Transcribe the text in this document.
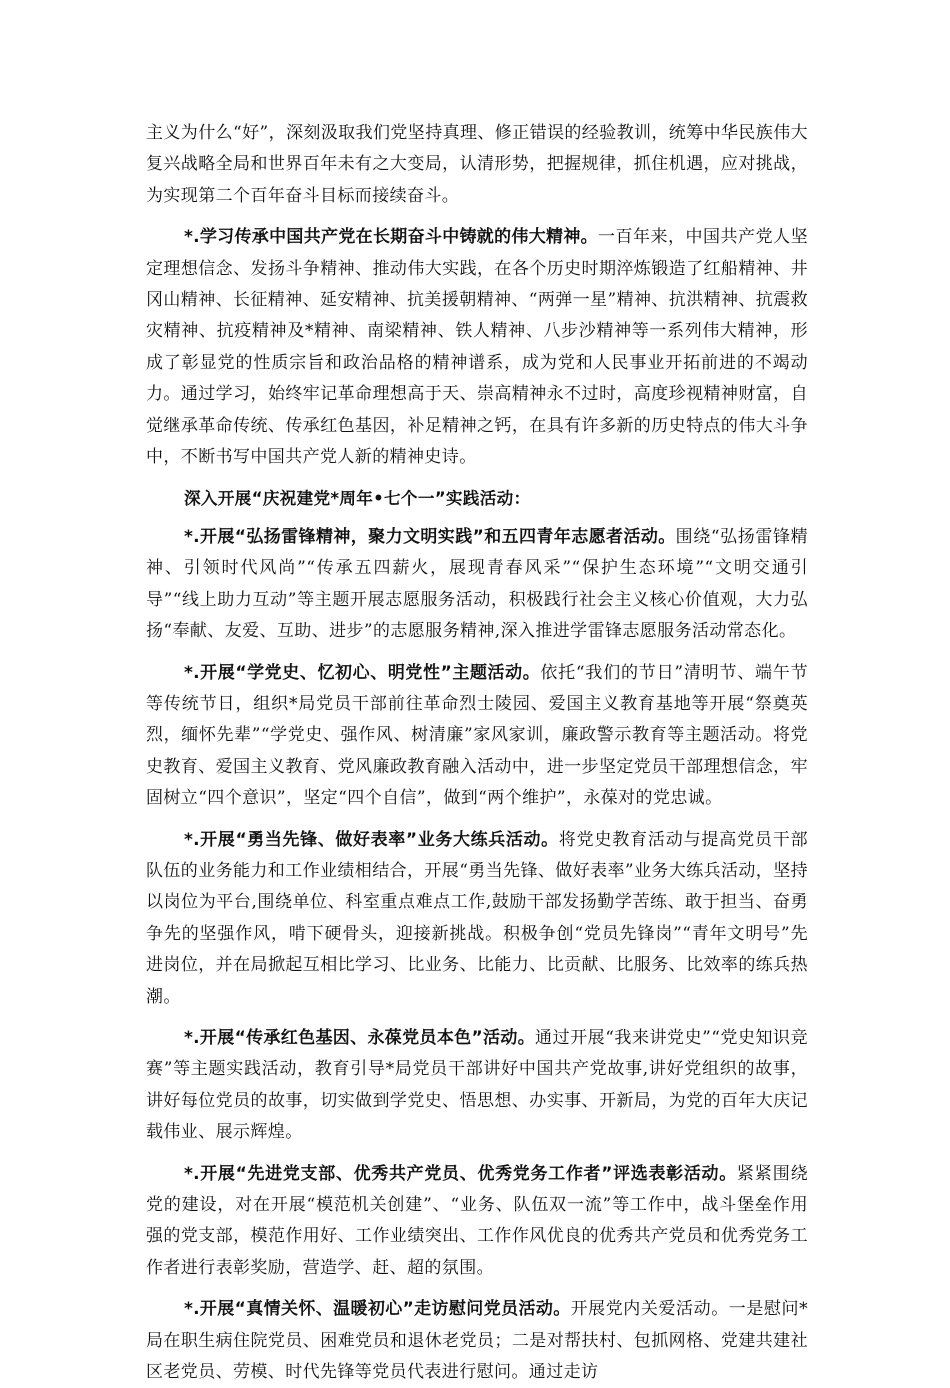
主义为什么“好”，深刻汲取我们党坚持真理、修正错误的经验教训，统筹中华民族伟大复兴战略全局和世界百年未有之大变局，认清形势，把握规律，抓住机遇，应对挑战，为实现第二个百年奋斗目标而接续奋斗。

*.学习传承中国共产党在长期奋斗中铸就的伟大精神。一百年来，中国共产党人坚定理想信念、发扬斗争精神、推动伟大实践，在各个历史时期淬炼锻造了红船精神、井冈山精神、长征精神、延安精神、抗美援朝精神、“两弹一星”精神、抗洪精神、抗震救灾精神、抗疫精神及*精神、南梁精神、铁人精神、八步沙精神等一系列伟大精神，形成了彰显党的性质宗旨和政治品格的精神谱系，成为党和人民事业开拓前进的不竭动力。通过学习，始终牢记革命理想高于天、崇高精神永不过时，高度珍视精神财富，自觉继承革命传统、传承红色基因，补足精神之钙，在具有许多新的历史特点的伟大斗争中，不断书写中国共产党人新的精神史诗。

深入开展“庆祝建党*周年•七个一”实践活动：

*.开展“弘扬雷锋精神，聚力文明实践”和五四青年志愿者活动。围绕“弘扬雷锋精神、引领时代风尚”“传承五四薪火，展现青春风采”“保护生态环境”“文明交通引导”“线上助力互动”等主题开展志愿服务活动，积极践行社会主义核心价值观，大力弘扬“奉献、友爱、互助、进步”的志愿服务精神,深入推进学雷锋志愿服务活动常态化。

*.开展“学党史、忆初心、明党性”主题活动。依托“我们的节日”清明节、端午节等传统节日，组织*局党员干部前往革命烈士陵园、爱国主义教育基地等开展“祭奠英烈，缅怀先辈”“学党史、强作风、树清廉”家风家训，廉政警示教育等主题活动。将党史教育、爱国主义教育、党风廉政教育融入活动中，进一步坚定党员干部理想信念，牢固树立“四个意识”，坚定“四个自信”，做到“两个维护”，永葆对的党忠诚。

*.开展“勇当先锋、做好表率”业务大练兵活动。将党史教育活动与提高党员干部队伍的业务能力和工作业绩相结合，开展“勇当先锋、做好表率”业务大练兵活动，坚持以岗位为平台,围绕单位、科室重点难点工作,鼓励干部发扬勤学苦练、敢于担当、奋勇争先的坚强作风，啃下硬骨头，迎接新挑战。积极争创“党员先锋岗”“青年文明号”先进岗位，并在局掀起互相比学习、比业务、比能力、比贡献、比服务、比效率的练兵热潮。

*.开展“传承红色基因、永葆党员本色”活动。通过开展“我来讲党史”“党史知识竞赛”等主题实践活动，教育引导*局党员干部讲好中国共产党故事,讲好党组织的故事，讲好每位党员的故事，切实做到学党史、悟思想、办实事、开新局，为党的百年大庆记载伟业、展示辉煌。

*.开展“先进党支部、优秀共产党员、优秀党务工作者”评选表彰活动。紧紧围绕党的建设，对在开展“模范机关创建”、“业务、队伍双一流”等工作中，战斗堡垒作用强的党支部，模范作用好、工作业绩突出、工作作风优良的优秀共产党员和优秀党务工作者进行表彰奖励，营造学、赶、超的氛围。

*.开展“真情关怀、温暖初心”走访慰问党员活动。开展党内关爱活动。一是慰问*局在职生病住院党员、困难党员和退休老党员；二是对帮扶村、包抓网格、党建共建社区老党员、劳模、时代先锋等党员代表进行慰问。通过走访
